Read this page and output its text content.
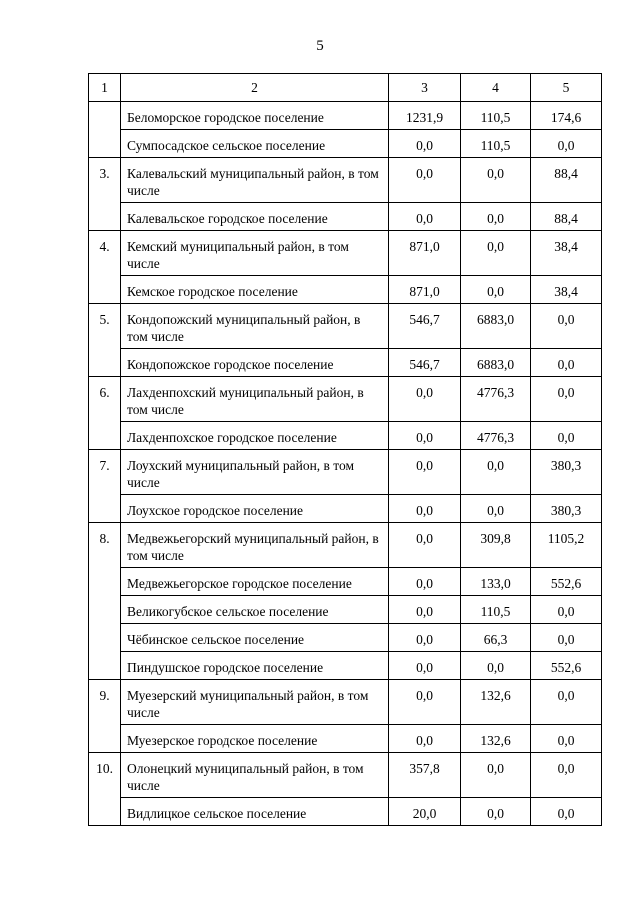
5
1	2	3	4	5
	Беломорское городское поселение	1231,9	110,5	174,6
	Сумпосадское сельское поселение	0,0	110,5	0,0
3.	Калевальский муниципальный район, в том числе	0,0	0,0	88,4
	Калевальское городское поселение	0,0	0,0	88,4
4.	Кемский муниципальный район, в том числе	871,0	0,0	38,4
	Кемское городское поселение	871,0	0,0	38,4
5.	Кондопожский муниципальный район, в том числе	546,7	6883,0	0,0
	Кондопожское городское поселение	546,7	6883,0	0,0
6.	Лахденпохский муниципальный район, в том числе	0,0	4776,3	0,0
	Лахденпохское городское поселение	0,0	4776,3	0,0
7.	Лоухский муниципальный район, в том числе	0,0	0,0	380,3
	Лоухское городское поселение	0,0	0,0	380,3
8.	Медвежьегорский муниципальный район, в том числе	0,0	309,8	1105,2
	Медвежьегорское городское поселение	0,0	133,0	552,6
	Великогубское сельское поселение	0,0	110,5	0,0
	Чёбинское сельское поселение	0,0	66,3	0,0
	Пиндушское городское поселение	0,0	0,0	552,6
9.	Муезерский муниципальный район, в том числе	0,0	132,6	0,0
	Муезерское городское поселение	0,0	132,6	0,0
10.	Олонецкий муниципальный район, в том числе	357,8	0,0	0,0
	Видлицкое сельское поселение	20,0	0,0	0,0
